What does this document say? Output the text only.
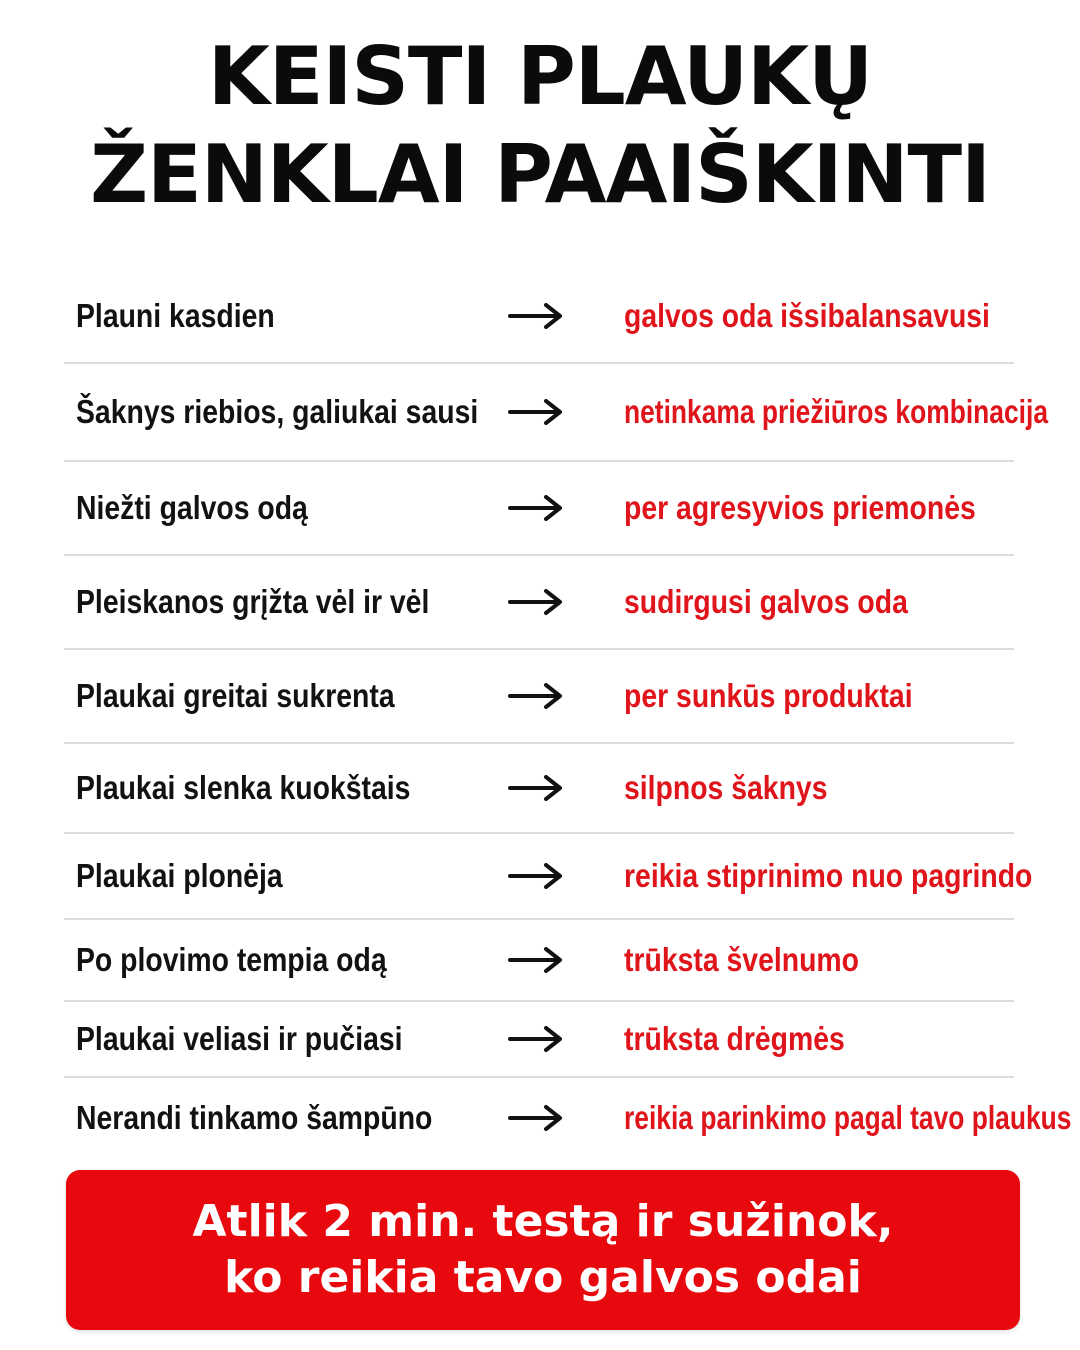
KEISTI PLAUKŲ
ŽENKLAI PAAIŠKINTI
Plauni kasdien	galvos oda išsibalansavusi
Šaknys riebios, galiukai sausi	netinkama priežiūros kombinacija
Niežti galvos odą	per agresyvios priemonės
Pleiskanos grįžta vėl ir vėl	sudirgusi galvos oda
Plaukai greitai sukrenta	per sunkūs produktai
Plaukai slenka kuokštais	silpnos šaknys
Plaukai plonėja	reikia stiprinimo nuo pagrindo
Po plovimo tempia odą	trūksta švelnumo
Plaukai veliasi ir pučiasi	trūksta drėgmės
Nerandi tinkamo šampūno	reikia parinkimo pagal tavo plaukus
Atlik 2 min. testą ir sužinok,
ko reikia tavo galvos odai
